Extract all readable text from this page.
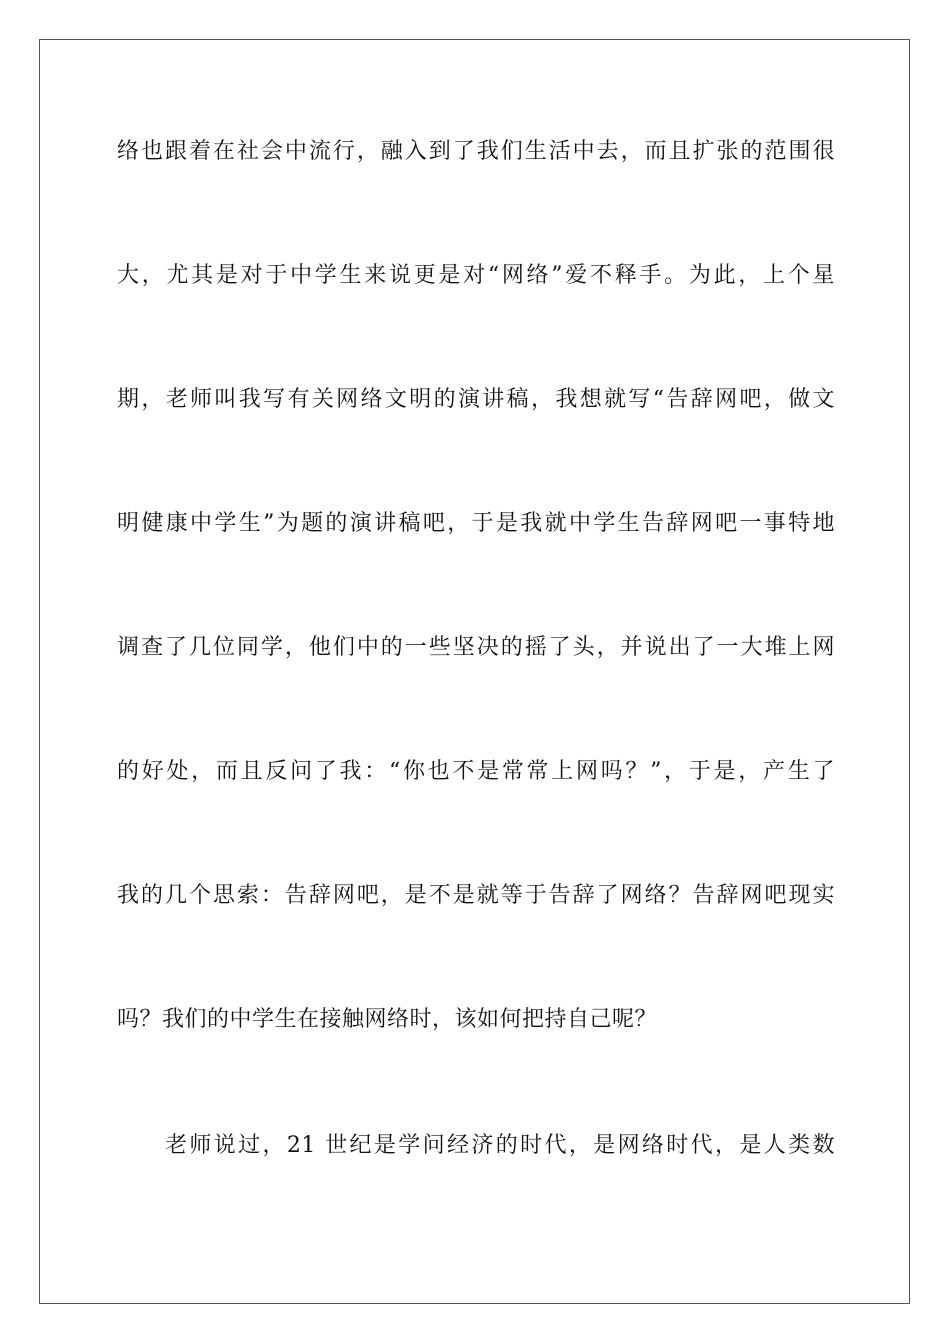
络也跟着在社会中流行，融入到了我们生活中去，而且扩张的范围很
大，尤其是对于中学生来说更是对“网络”爱不释手。为此，上个星
期，老师叫我写有关网络文明的演讲稿，我想就写“告辞网吧，做文
明健康中学生”为题的演讲稿吧，于是我就中学生告辞网吧一事特地
调查了几位同学，他们中的一些坚决的摇了头，并说出了一大堆上网
的好处，而且反问了我：“你也不是常常上网吗？”，于是，产生了
我的几个思索：告辞网吧，是不是就等于告辞了网络？告辞网吧现实
吗？我们的中学生在接触网络时，该如何把持自己呢？
老师说过，21 世纪是学问经济的时代，是网络时代，是人类数
